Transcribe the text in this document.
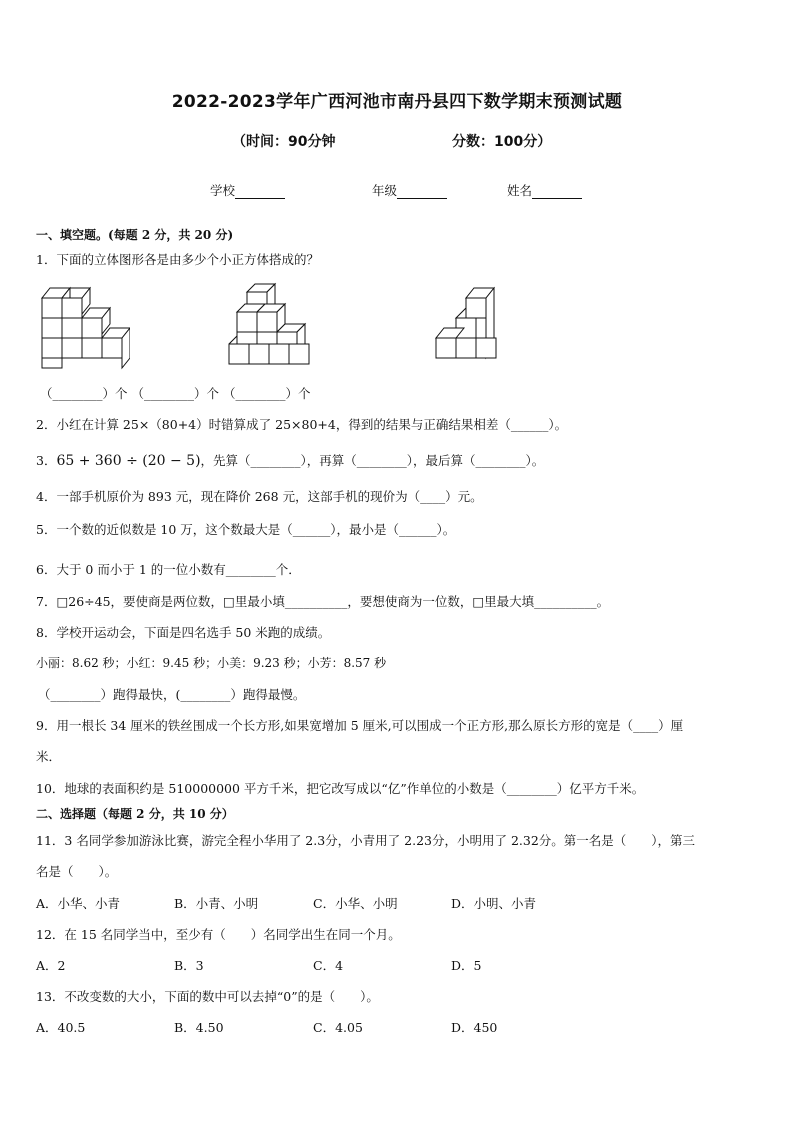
2022-2023学年广西河池市南丹县四下数学期末预测试题
（时间：90分钟	分数：100分）
学校	年级	姓名
一、填空题。(每题 2 分，共 20 分)
1．下面的立体图形各是由多少个小正方体搭成的？
（________）个 （________）个 （________）个
2．小红在计算 25×（80+4）时错算成了 25×80+4，得到的结果与正确结果相差（______）。
3．65 + 360 ÷ (20 − 5)，先算（________），再算（________），最后算（________）。
4．一部手机原价为 893 元，现在降价 268 元，这部手机的现价为（____）元。
5．一个数的近似数是 10 万，这个数最大是（______），最小是（______）。
6．大于 0 而小于 1 的一位小数有________个．
7．□26÷45，要使商是两位数，□里最小填__________，要想使商为一位数，□里最大填__________。
8．学校开运动会，下面是四名选手 50 米跑的成绩。
小丽：8.62 秒；小红：9.45 秒；小美：9.23 秒；小芳：8.57 秒
（________）跑得最快，(________）跑得最慢。
9．用一根长 34 厘米的铁丝围成一个长方形,如果宽增加 5 厘米,可以围成一个正方形,那么原长方形的宽是（____）厘
米．
10．地球的表面积约是 510000000 平方千米，把它改写成以“亿”作单位的小数是（________）亿平方千米。
二、选择题（每题 2 分，共 10 分）
11．3 名同学参加游泳比赛，游完全程小华用了 2.3分，小青用了 2.23分，小明用了 2.32分。第一名是（　　），第三
名是（　　）。
A．小华、小青	B．小青、小明	C．小华、小明	D．小明、小青
12．在 15 名同学当中，至少有（　　）名同学出生在同一个月。
A．2	B．3	C．4	D．5
13．不改变数的大小，下面的数中可以去掉“0”的是（　　）。
A．40.5	B．4.50	C．4.05	D．450
